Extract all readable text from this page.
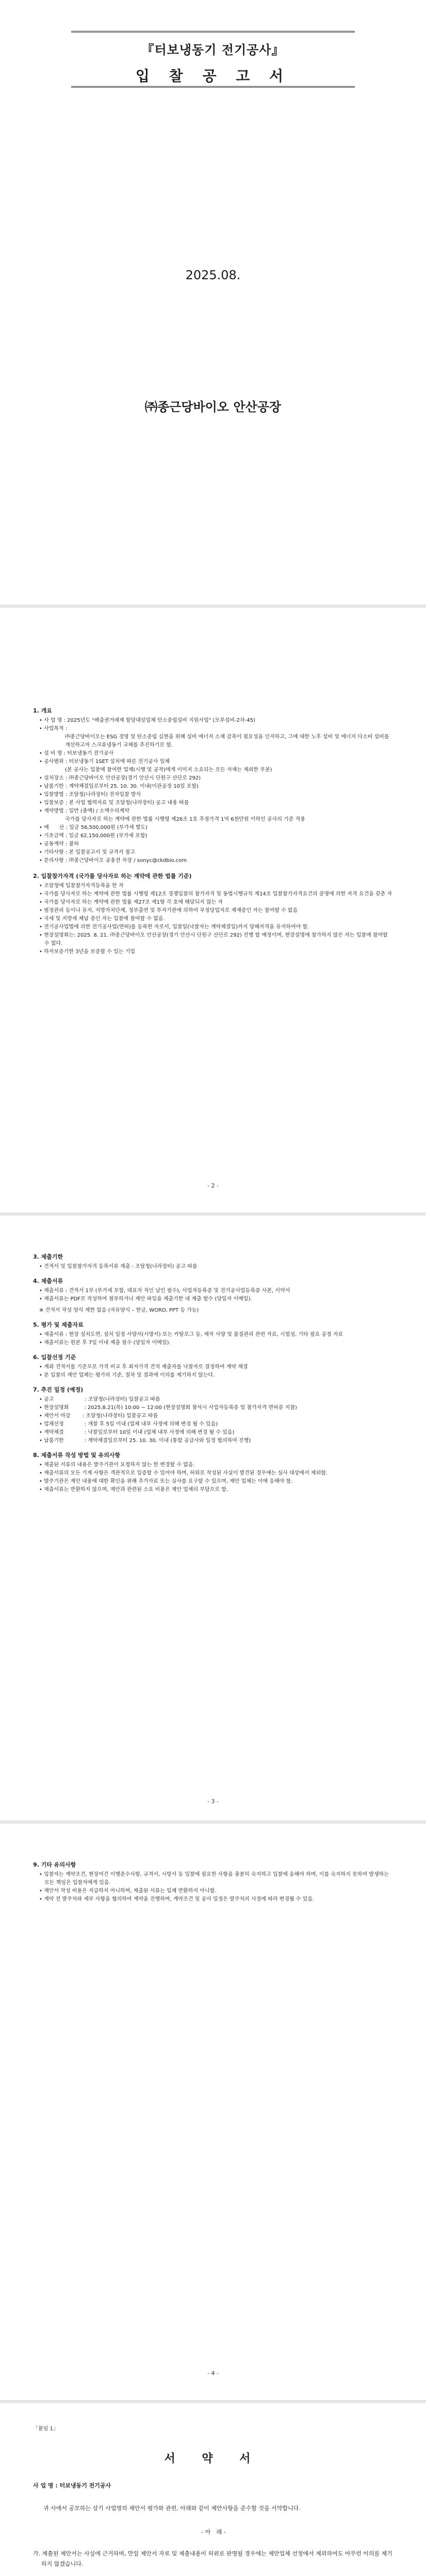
『터보냉동기 전기공사』
입 찰 공 고 서
2025.08.
㈜종근당바이오 안산공장
1. 개요
• 사 업 명 : 2025년도 "배출권거래제 할당대상업체 탄소중립설비 지원사업" (모루설비-2차-45)
• 사업목적 :
㈜종근당바이오는 ESG 경영 및 탄소중립 실현을 위해 설비 에너지 소재 감축이 필요성을 인지하고, 그에 대한 노후 설비 및 에너지 다소비 설비를 개선하고자 스크류냉동기 교체를 추진하기로 함.
• 설 비 명 : 터보냉동기 전기공사
• 공사범위 : 터보냉동기 1SET 설치에 따른 전기공사 일체
(본 공사는 입찰에 참여한 업체(시행 및 공작)에게 이미지 소요되는 모든 자재는 제외한 부분)
• 설치장소 : ㈜종근당바이오 안산공장(경기 안산시 단원구 산단로 292)
• 납품기한 : 계약체결일로부터 25. 10. 30. 이내(이관공정 10일 포함)
• 입찰방법 : 조달청(나라장터) 전자입찰 방식
• 입찰보증 : 본 사업 협력자료 및 조달청(나라장터) 공고 내용 따름
• 계약방법 : 일반 (총액) / 소액수의계약
국가를 당사자로 하는 계약에 관한 법률 시행령 제26조 1호 추정가격 1억 6천만원 이하인 공사의 기준 적용
• 예　　산 : 일금 56,500,000원 (부가세 별도)
• 기초금액 : 일금 62,150,000원 (부가세 포함)
• 공동계약 : 불허
• 기타사항 : 본 입찰공고서 및 규격서 참고
• 문의사항 : ㈜종근당바이오 공용전 차장 / sonyc@ckdbio.com
2. 입찰참가자격 (국가를 당사자로 하는 계약에 관한 법률 기준)
• 조달청에 입찰참가자격등록을 한 자
• 국가를 당사자로 하는 계약에 관한 법률 시행령 제12조 경쟁입찰의 참가자격 및 동법시행규칙 제14조 입찰참가자격요건의 증명에 의한 자격 요건을 갖춘 자
• 국가를 당사자로 하는 계약에 관한 법률 제27조 제1항 각 호에 해당되지 않는 자
• 범정관리 등이나 유지, 지방자치단체, 정부출연 및 투자기관에 의하여 부정당업자로 제재중인 자는 참여할 수 없음
• 국세 및 지방세 체납 중인 자는 입찰에 참여할 수 없음.
• 전기공사업법에 의한 전기공사업(면허)를 등록한 자로서, 입찰일(낙찰자는 계약체결일)까지 당해자격을 유지하여야 함.
• 현장설명회는: 2025. 8. 21. ㈜종근당바이오 안산공장(경기 안산시 단원구 산단로 292) 진행 할 예정이며, 현장설명에 참가하지 않은 자는 입찰에 참여할 수 없다.
• 하자보증기한 3년을 보증할 수 있는 기업
- 2 -
3. 제출기한
• 견적서 및 입찰참가자격 등록서류 제출 : 조달청(나라장터) 공고 따름
4. 제출서류
• 제출서류 : 견적서 1부 (부가세 포함, 대표자 직인 날인 필수), 사업자등록증 및 전기공사업등록증 사본, 서약서
• 제출서류는 PDF로 작성하여 첨부하거나 제안 파일을 제출기한 내 제출 할수 (당일자 이메일).
※ 견적서 작성 양식 제한 없음 (자유양식 – 한글, WORD, PPT 등 가능)
5. 평가 및 제출자료
• 제출서류 : 현장 설치도면, 설치 일정 사양서(시방서) 또는 카탈로그 등, 제작 사양 및 품질관리 관련 자료, 시험성, 기타 필요 공정 자료
• 제출서류는 원본 후 7일 이내 제출 필수 (당일자 이메일).
6. 입찰선정 기준
• 계좌 견적서를 기준으로 가격 비교 후 최저가격 견적 제출자를 낙찰자로 결정하여 계약 체결
• 본 입찰의 제안 업체는 평가의 기준, 절차 및 결과에 이의를 제기하지 않는다.
7. 추진 일정 (예정)
• 공고　　　　　　: 조달청(나라장터) 입찰공고 따름
• 현장설명회　　　: 2025.8.21(목) 10:00 ~ 12:00 (현장설명회 참석시 사업자등록증 및 참가자격 면허증 지참)
• 제안서 마감　　 : 조달청(나라장터) 입찰공고 따름
• 업체선정　　　　: 개찰 후 5일 이내 (업체 내부 사정에 의해 변경 될 수 있음)
• 계약체결　　　　: 낙찰일로부터 10일 이내 (업체 내부 사정에 의해 변경 될 수 있음)
• 납품기한　　　　: 계약체결일로부터 25. 10. 30. 이내 (통합 공급사와 일정 협의하여 진행)
8. 제출서류 작성 방법 및 유의사항
• 제출된 서류의 내용은 발주기관이 요청하지 않는 한 변경할 수 없음.
• 제출서류의 모든 기재 사항은 객관적으로 입증할 수 있어야 하며, 허위로 작성된 사실이 발견된 경우에는 심사 대상에서 제외함.
• 발주기관은 제안 내용에 대한 확인을 위해 추가자료 또는 실사를 요구할 수 있으며, 제안 업체는 이에 응해야 함.
• 제출서류는 반환하지 않으며, 제안과 관련된 소요 비용은 제안 업체의 부담으로 함.
- 3 -
9. 기타 유의사항
• 입찰자는 계약조건, 현장여건 이행준수사항, 규격서, 시방서 등 입찰에 필요한 사항을 충분히 숙지하고 입찰에 응해야 하며, 이를 숙지하지 못하여 발생하는 모든 책임은 입찰자에게 있음.
• 제안서 작성 비용은 지급하지 아니하며, 제출된 서류는 일체 반환하지 아니함.
• 계약 전 발주처와 세부 사항을 협의하여 계약을 진행하며, 계약조건 및 공사 일정은 발주처의 사정에 따라 변경될 수 있음.
- 4 -
「붙임 1」
서 약 서
사 업 명 : 터보냉동기 전기공사
귀 사에서 공모하는 상기 사업명의 제안서 평가와 관련, 아래와 같이 제안사항을 준수할 것을 서약합니다.
- 아　래 -
가. 제출된 제안서는 사실에 근거하며, 만일 제안서 자료 및 제출내용이 허위로 판명될 경우에는 제안업체 선정에서 제외하여도 아무런 이의를 제기하지 않겠습니다.
